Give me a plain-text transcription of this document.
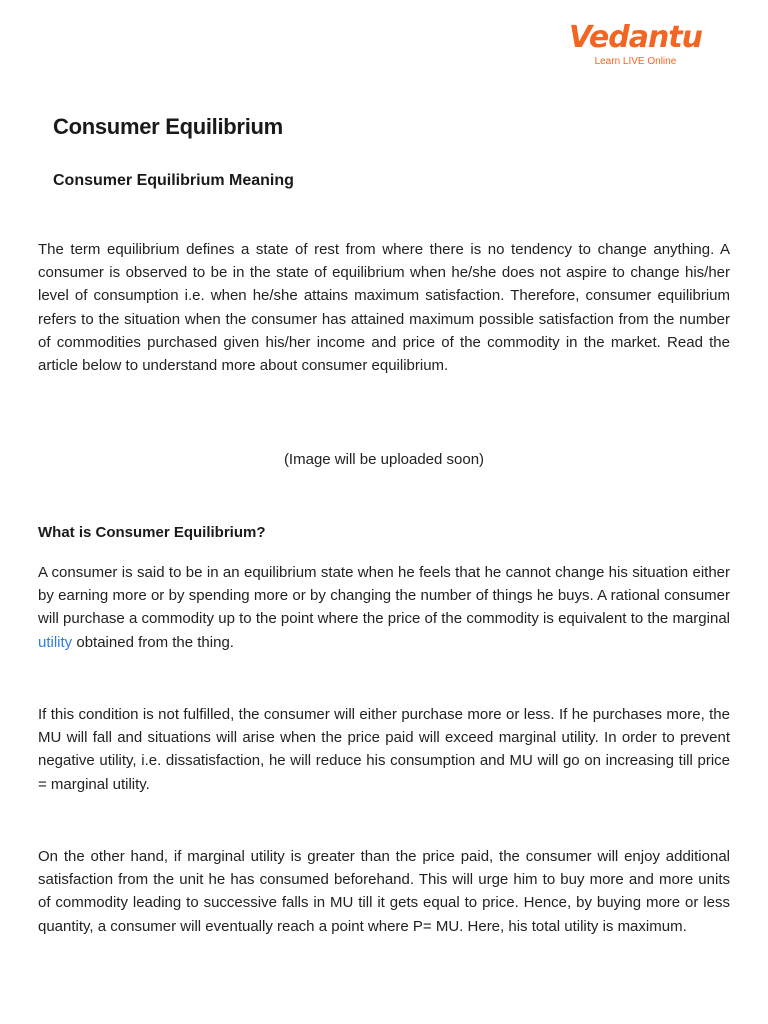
Vedantu
Learn LIVE Online
Consumer Equilibrium
Consumer Equilibrium Meaning

The term equilibrium defines a state of rest from where there is no tendency to change anything. A consumer is observed to be in the state of equilibrium when he/she does not aspire to change his/her level of consumption i.e. when he/she attains maximum satisfaction. Therefore, consumer equilibrium refers to the situation when the consumer has attained maximum possible satisfaction from the number of commodities purchased given his/her income and price of the commodity in the market. Read the article below to understand more about consumer equilibrium.

(Image will be uploaded soon)
What is Consumer Equilibrium?

A consumer is said to be in an equilibrium state when he feels that he cannot change his situation either by earning more or by spending more or by changing the number of things he buys. A rational consumer will purchase a commodity up to the point where the price of the commodity is equivalent to the marginal utility obtained from the thing.

If this condition is not fulfilled, the consumer will either purchase more or less. If he purchases more, the MU will fall and situations will arise when the price paid will exceed marginal utility. In order to prevent negative utility, i.e. dissatisfaction, he will reduce his consumption and MU will go on increasing till price = marginal utility.

On the other hand, if marginal utility is greater than the price paid, the consumer will enjoy additional satisfaction from the unit he has consumed beforehand. This will urge him to buy more and more units of commodity leading to successive falls in MU till it gets equal to price. Hence, by buying more or less quantity, a consumer will eventually reach a point where P= MU. Here, his total utility is maximum.
